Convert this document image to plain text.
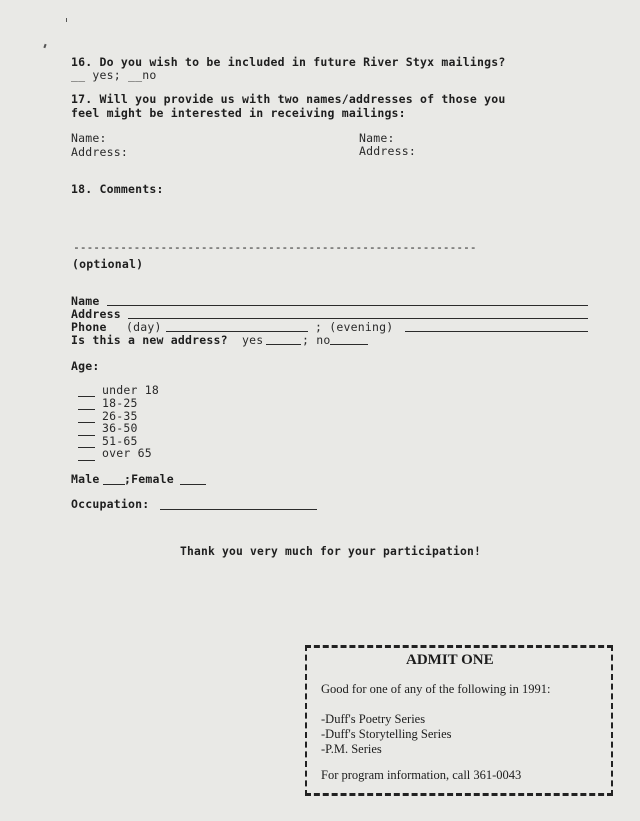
16. Do you wish to be included in future River Styx mailings?
__ yes; __no
17. Will you provide us with two names/addresses of those you
feel might be interested in receiving mailings:
Name:
Address:
Name:
Address:
18. Comments:
------------------------------------------------------------
(optional)
Name
Address
Phone (day)	; (evening)
Is this a new address? yes	; no
Age:
under 18
18-25
26-35
36-50
51-65
over 65
Male ;Female
Occupation:
Thank you very much for your participation!
ADMIT ONE
Good for one of any of the following in 1991:
-Duff's Poetry Series
-Duff's Storytelling Series
-P.M. Series
For program information, call 361-0043
